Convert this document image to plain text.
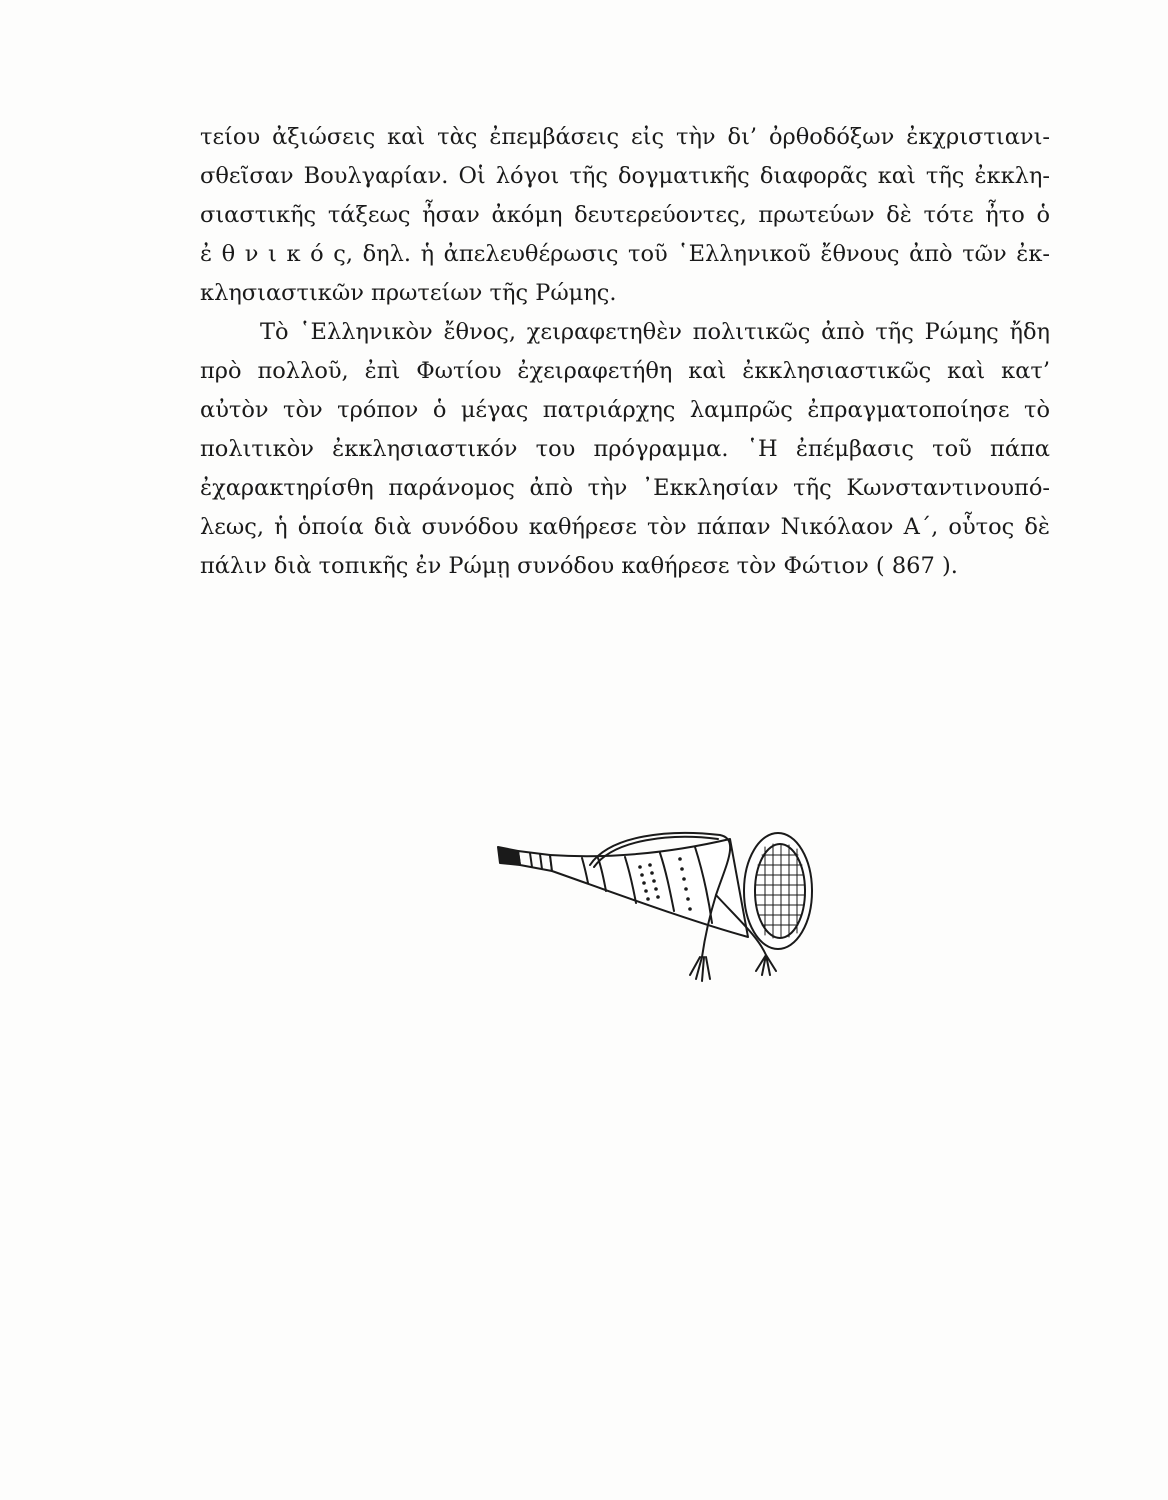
τείου ἀξιώσεις καὶ τὰς ἐπεμβάσεις εἰς τὴν δι’ ὀρθοδόξων ἐκχριστιανι-
σθεῖσαν Βουλγαρίαν. Οἱ λόγοι τῆς δογματικῆς διαφορᾶς καὶ τῆς ἐκκλη-
σιαστικῆς τάξεως ἦσαν ἀκόμη δευτερεύοντες, πρωτεύων δὲ τότε ἦτο ὁ
ἐ θ ν ι κ ό ς, δηλ. ἡ ἀπελευθέρωσις τοῦ ῾Ελληνικοῦ ἔθνους ἀπὸ τῶν ἐκ-
κλησιαστικῶν πρωτείων τῆς Ρώμης.
Τὸ ῾Ελληνικὸν ἔθνος, χειραφετηθὲν πολιτικῶς ἀπὸ τῆς Ρώμης ἤδη
πρὸ πολλοῦ, ἐπὶ Φωτίου ἐχειραφετήθη καὶ ἐκκλησιαστικῶς καὶ κατ’
αὐτὸν τὸν τρόπον ὁ μέγας πατριάρχης λαμπρῶς ἐπραγματοποίησε τὸ
πολιτικὸν ἐκκλησιαστικόν του πρόγραμμα. ῾Η ἐπέμβασις τοῦ πάπα
ἐχαρακτηρίσθη παράνομος ἀπὸ τὴν ᾿Εκκλησίαν τῆς Κωνσταντινουπό-
λεως, ἡ ὁποία διὰ συνόδου καθήρεσε τὸν πάπαν Νικόλαον Α΄, οὗτος δὲ
πάλιν διὰ τοπικῆς ἐν Ρώμῃ συνόδου καθήρεσε τὸν Φώτιον ( 867 ).
